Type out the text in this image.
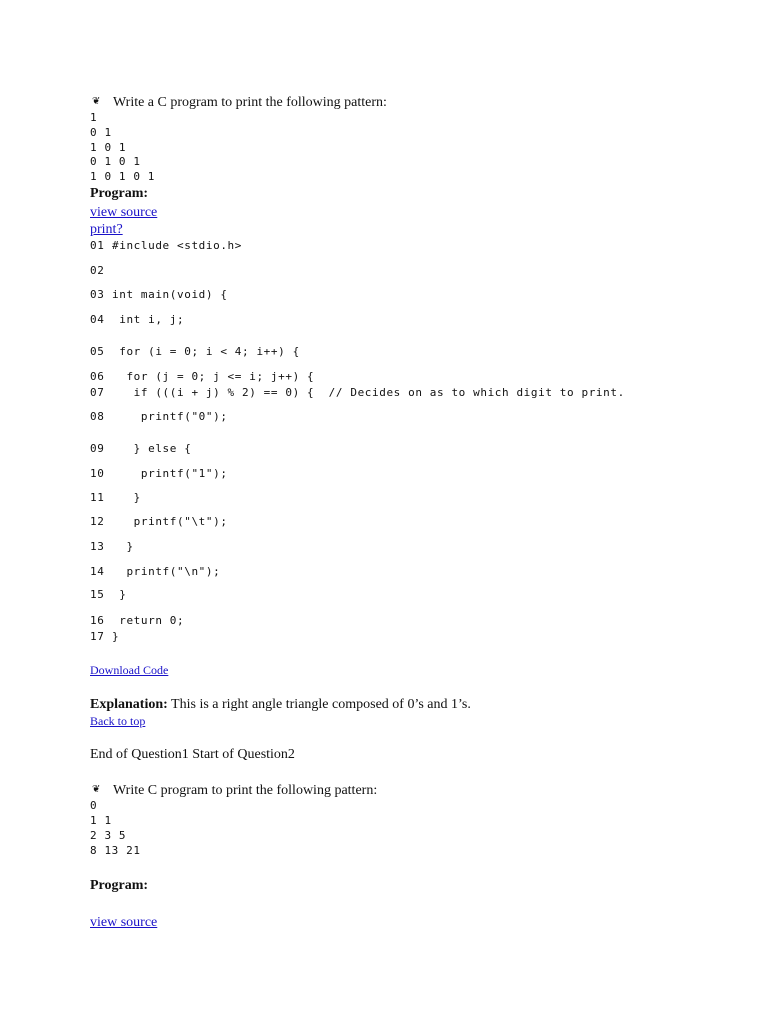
❦ Write a C program to print the following pattern:
1
0 1
1 0 1
0 1 0 1
1 0 1 0 1
Program:
view source
print?
01 #include <stdio.h>
02
03 int main(void) {
04 int i, j;
05 for (i = 0; i < 4; i++) {
06 for (j = 0; j <= i; j++) {
07 if (((i + j) % 2) == 0) {  // Decides on as to which digit to print.
08 printf("0");
09 } else {
10 printf("1");
11 }
12 printf("\t");
13 }
14 printf("\n");
15 }
16 return 0;
17 }
Download Code
Explanation: This is a right angle triangle composed of 0’s and 1’s.
Back to top
End of Question1 Start of Question2
❦ Write C program to print the following pattern:
0
1 1
2 3 5
8 13 21
Program:
view source
